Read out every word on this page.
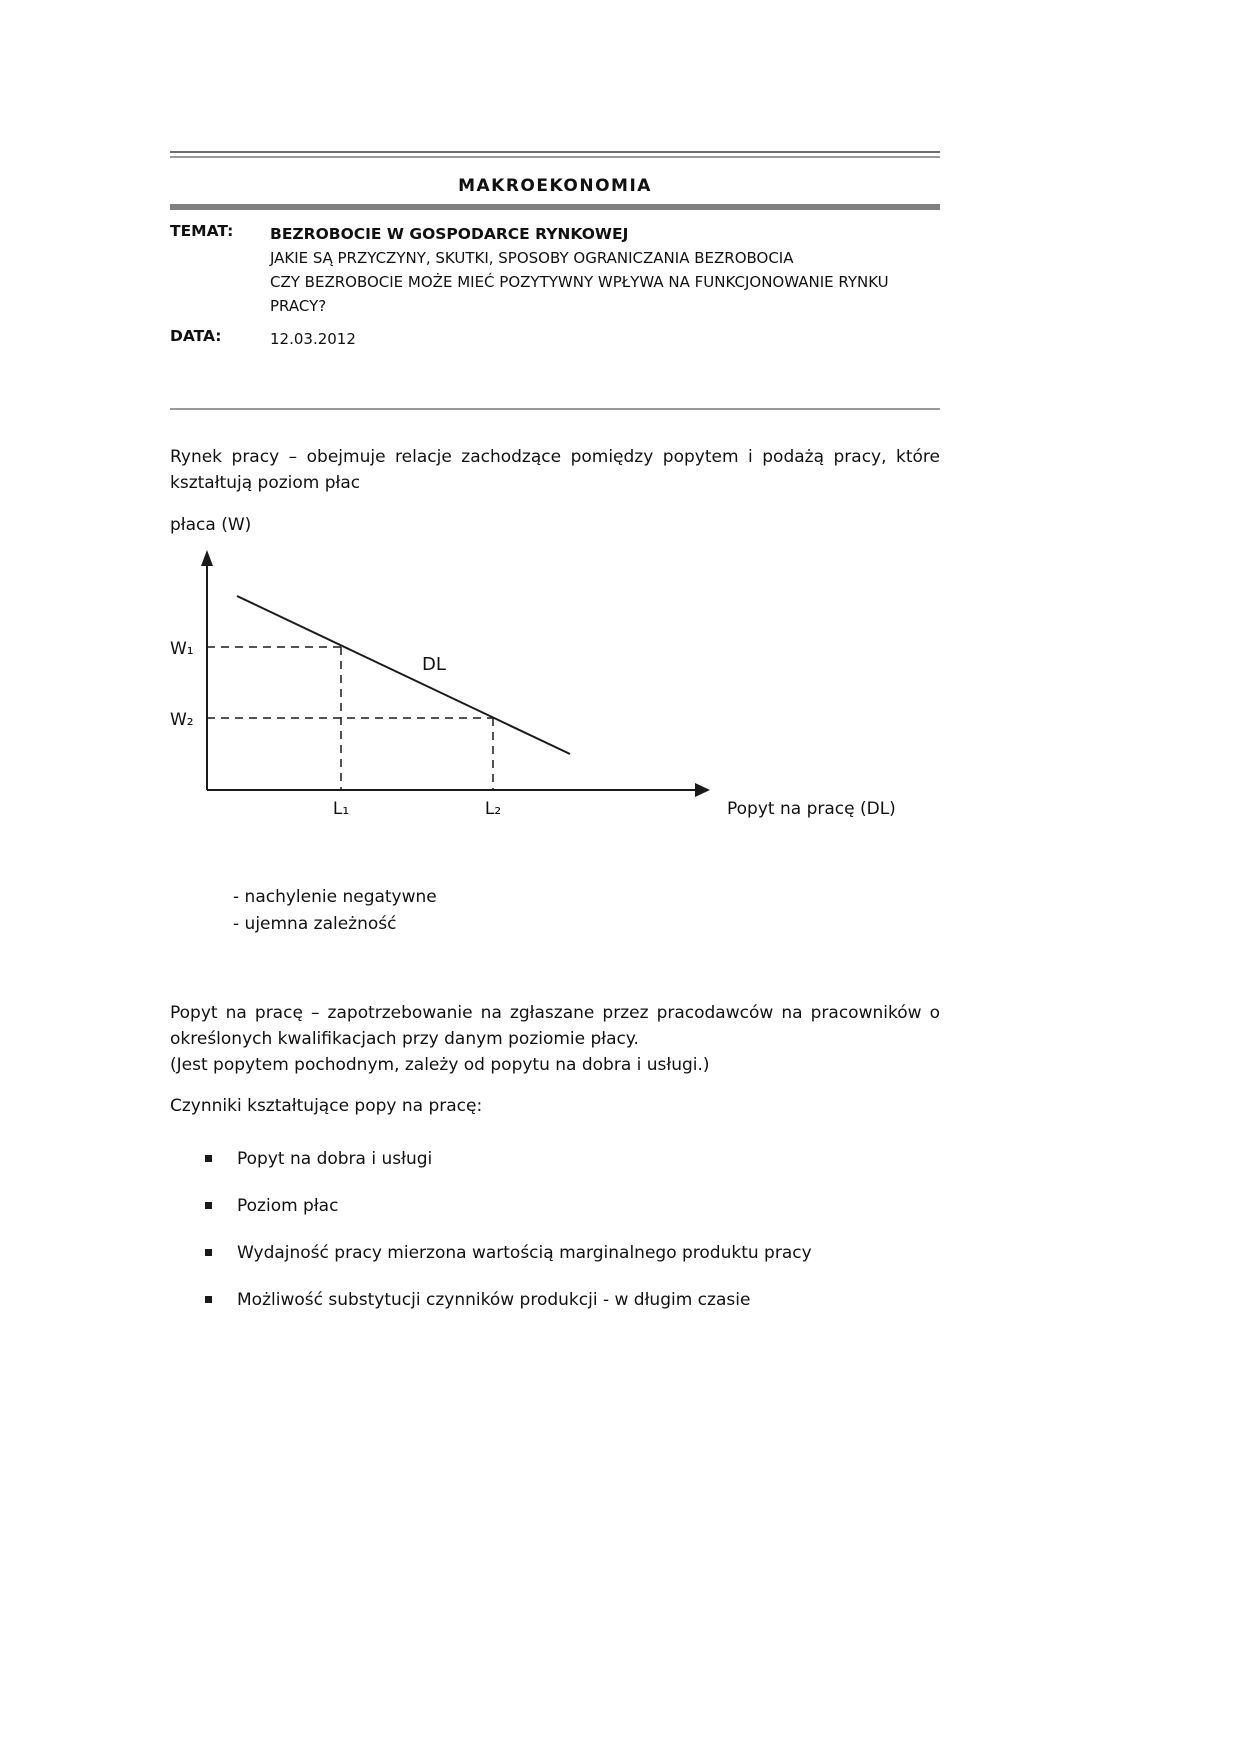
MAKROEKONOMIA
TEMAT:	BEZROBOCIE W GOSPODARCE RYNKOWEJ
JAKIE SĄ PRZYCZYNY, SKUTKI, SPOSOBY OGRANICZANIA BEZROBOCIA
CZY BEZROBOCIE MOŻE MIEĆ POZYTYWNY WPŁYWA NA FUNKCJONOWANIE RYNKU PRACY?
DATA:	12.03.2012

Rynek pracy – obejmuje relacje zachodzące pomiędzy popytem i podażą pracy, które kształtują poziom płac

płaca (W)
DL
W₁
W₂
L₁	L₂	Popyt na pracę (DL)
- nachylenie negatywne
- ujemna zależność

Popyt na pracę – zapotrzebowanie na zgłaszane przez pracodawców na pracowników o określonych kwalifikacjach przy danym poziomie płacy.

(Jest popytem pochodnym, zależy od popytu na dobra i usługi.)

Czynniki kształtujące popy na pracę:

Popyt na dobra i usługi
Poziom płac
Wydajność pracy mierzona wartością marginalnego produktu pracy
Możliwość substytucji czynników produkcji - w długim czasie
